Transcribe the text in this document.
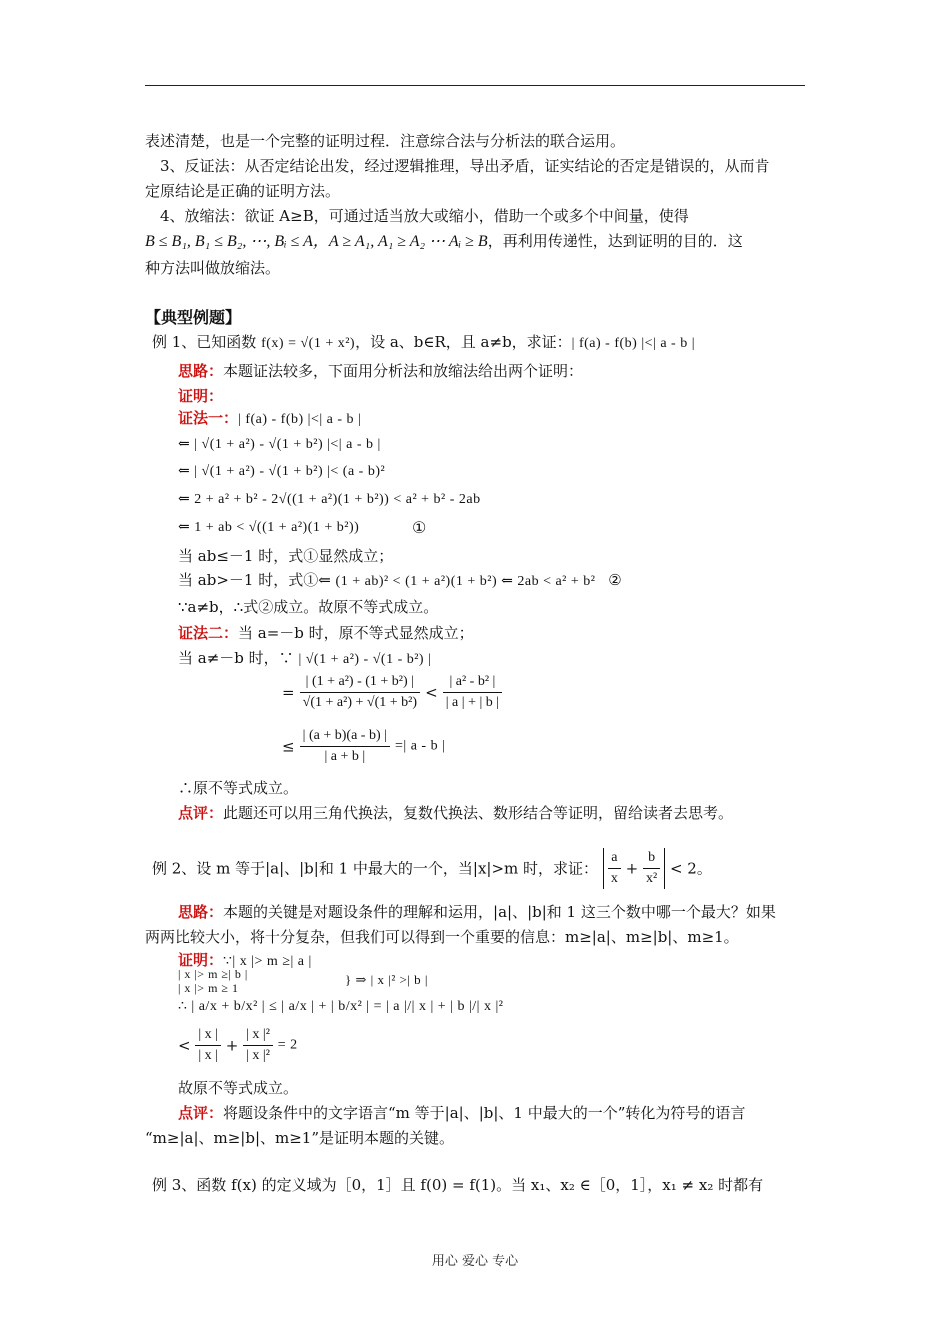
表述清楚，也是一个完整的证明过程．注意综合法与分析法的联合运用。
3、反证法：从否定结论出发，经过逻辑推理，导出矛盾，证实结论的否定是错误的，从而肯
定原结论是正确的证明方法。
4、放缩法：欲证 A≥B，可通过适当放大或缩小，借助一个或多个中间量，使得
B ≤ B₁, B₁ ≤ B₂, ⋯, Bᵢ ≤ A，A ≥ A₁, A₁ ≥ A₂ ⋯ Aᵢ ≥ B，再利用传递性，达到证明的目的．这
种方法叫做放缩法。
【典型例题】
例 1、已知函数 f(x) = √(1 + x²)，设 a、b∈R，且 a≠b，求证：| f(a) - f(b) |<| a - b |
思路：本题证法较多，下面用分析法和放缩法给出两个证明：
证明：
证法一：| f(a) - f(b) |<| a - b |
⇐ | √(1 + a²) - √(1 + b²) |<| a - b |
⇐ | √(1 + a²) - √(1 + b²) |< (a - b)²
⇐ 2 + a² + b² - 2√((1 + a²)(1 + b²)) < a² + b² - 2ab
⇐ 1 + ab < √((1 + a²)(1 + b²))	①
当 ab≤－1 时，式①显然成立；
当 ab>－1 时，式①⇐ (1 + ab)² < (1 + a²)(1 + b²) ⇐ 2ab < a² + b² ②
∵a≠b，∴式②成立。故原不等式成立。
证法二：当 a=－b 时，原不等式显然成立；
当 a≠－b 时，∵ | √(1 + a²) - √(1 - b²) |
= $\frac{\text{| (1 + a²) - (1 + b²) |}}{\text{√(1 + a²) + √(1 + b²)}} < \frac{\text{| a² - b² |}}{| a | + | b |}$
≤ $\frac{| (a + b)(a - b) |}{| a + b |}$ =| a - b |
∴原不等式成立。
点评：此题还可以用三角代换法，复数代换法、数形结合等证明，留给读者去思考。
例 2、设 m 等于|a|、|b|和 1 中最大的一个，当|x|>m 时，求证： $\frac{a}{x} + \frac{b}{\text{x²}} < 2$。
思路：本题的关键是对题设条件的理解和运用，|a|、|b|和 1 这三个数中哪一个最大？如果
两两比较大小，将十分复杂，但我们可以得到一个重要的信息：m≥|a|、m≥|b|、m≥1。
证明：∵| x |> m ≥| a |
| x |> m ≥| b |
| x |> m ≥ 1
} ⇒ | x |² >| b |
∴ | a/x + b/x² | ≤ | a/x | + | b/x² | = | a |/| x | + | b |/| x |²
< $\frac{| x |}{| x |} + \frac{\text{| x |²}}{\text{| x |²}} = 2$
故原不等式成立。
点评：将题设条件中的文字语言“m 等于|a|、|b|、1 中最大的一个”转化为符号的语言
“m≥|a|、m≥|b|、m≥1”是证明本题的关键。
例 3、函数 f(x) 的定义域为［0，1］且 f(0) = f(1)。当 x₁、x₂ ∈［0，1］，x₁ ≠ x₂ 时都有
用心 爱心 专心
